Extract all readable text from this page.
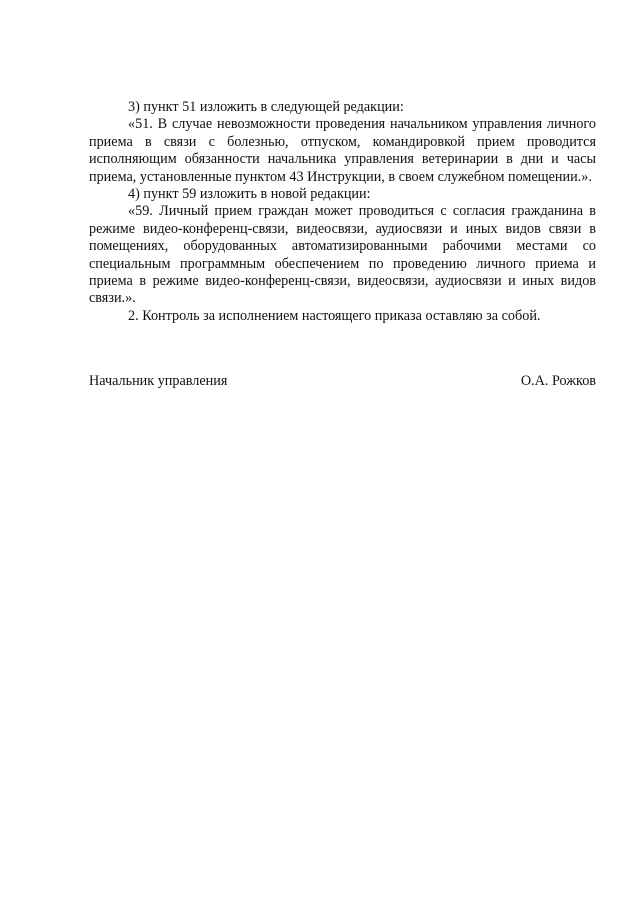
3) пункт 51 изложить в следующей редакции:

«51. В случае невозможности проведения начальником управления личного приема в связи с болезнью, отпуском, командировкой прием проводится исполняющим обязанности начальника управления ветеринарии в дни и часы приема, установленные пунктом 43 Инструкции, в своем служебном помещении.».

4) пункт 59 изложить в новой редакции:

«59. Личный прием граждан может проводиться с согласия гражданина в режиме видео-конференц-связи, видеосвязи, аудиосвязи и иных видов связи в помещениях, оборудованных автоматизированными рабочими местами со специальным программным обеспечением по проведению личного приема и приема в режиме видео-конференц-связи, видеосвязи, аудиосвязи и иных видов связи.».

2. Контроль за исполнением настоящего приказа оставляю за собой.

Начальник управления	О.А. Рожков
